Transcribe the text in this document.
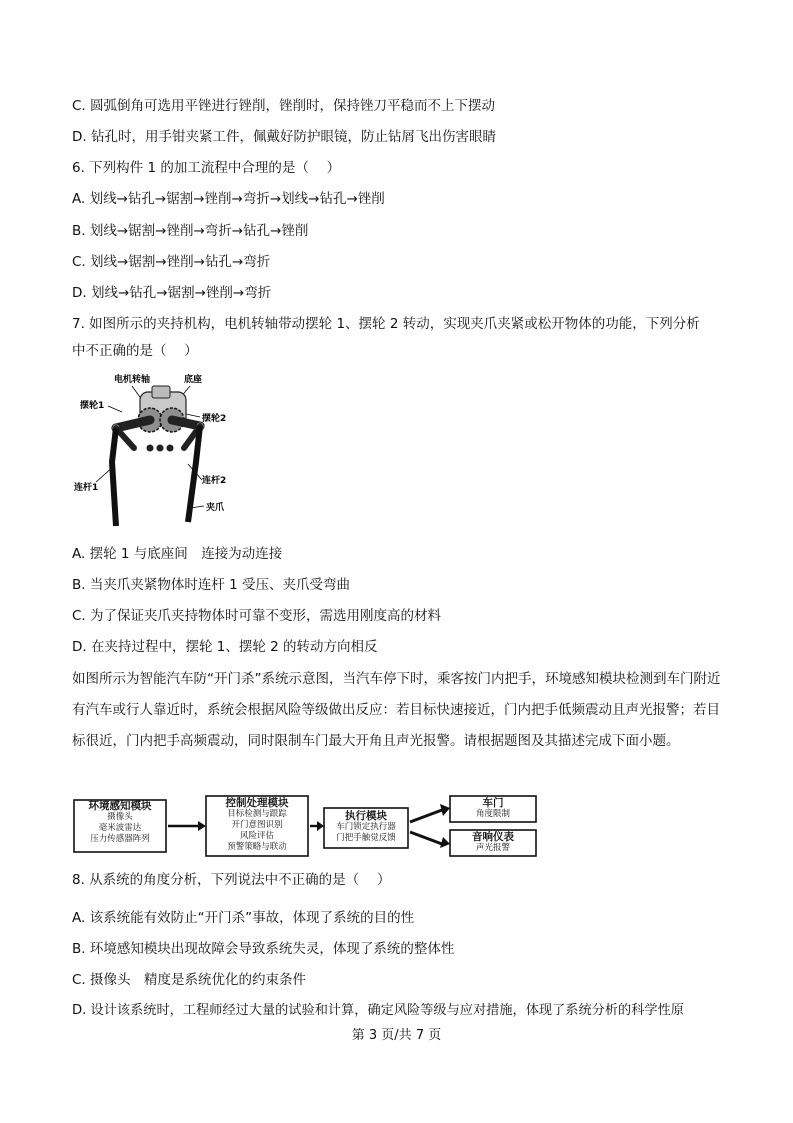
C. 圆弧倒角可选用平锉进行锉削，锉削时，保持锉刀平稳而不上下摆动
D. 钻孔时，用手钳夹紧工件，佩戴好防护眼镜，防止钻屑飞出伤害眼睛
6. 下列构件 1 的加工流程中合理的是（　 ）
A. 划线→钻孔→锯割→锉削→弯折→划线→钻孔→锉削
B. 划线→锯割→锉削→弯折→钻孔→锉削
C. 划线→锯割→锉削→钻孔→弯折
D. 划线→钻孔→锯割→锉削→弯折
7. 如图所示的夹持机构，电机转轴带动摆轮 1、摆轮 2 转动，实现夹爪夹紧或松开物体的功能，下列分析
中不正确的是（　 ）
电机转轴	底座
摆轮1
摆轮2
连杆1
连杆2
夹爪
A. 摆轮 1 与底座间　连接为动连接
B. 当夹爪夹紧物体时连杆 1 受压、夹爪受弯曲
C. 为了保证夹爪夹持物体时可靠不变形，需选用刚度高的材料
D. 在夹持过程中，摆轮 1、摆轮 2 的转动方向相反
如图所示为智能汽车防“开门杀”系统示意图，当汽车停下时，乘客按门内把手，环境感知模块检测到车门附近有汽车或行人靠近时，系统会根据风险等级做出反应：若目标快速接近，门内把手低频震动且声光报警；若目标很近，门内把手高频震动，同时限制车门最大开角且声光报警。请根据题图及其描述完成下面小题。
环境感知模块
摄像头
毫米波雷达
压力传感器阵列
控制处理模块
目标检测与跟踪
开门意图识别
风险评估
预警策略与联动
执行模块
车门锁定执行器
门把手触觉反馈
车门
角度限制
音响仪表
声光报警
8. 从系统的角度分析，下列说法中不正确的是（　 ）
A. 该系统能有效防止“开门杀”事故，体现了系统的目的性
B. 环境感知模块出现故障会导致系统失灵，体现了系统的整体性
C. 摄像头　精度是系统优化的约束条件
D. 设计该系统时，工程师经过大量的试验和计算，确定风险等级与应对措施，体现了系统分析的科学性原
第 3 页/共 7 页
